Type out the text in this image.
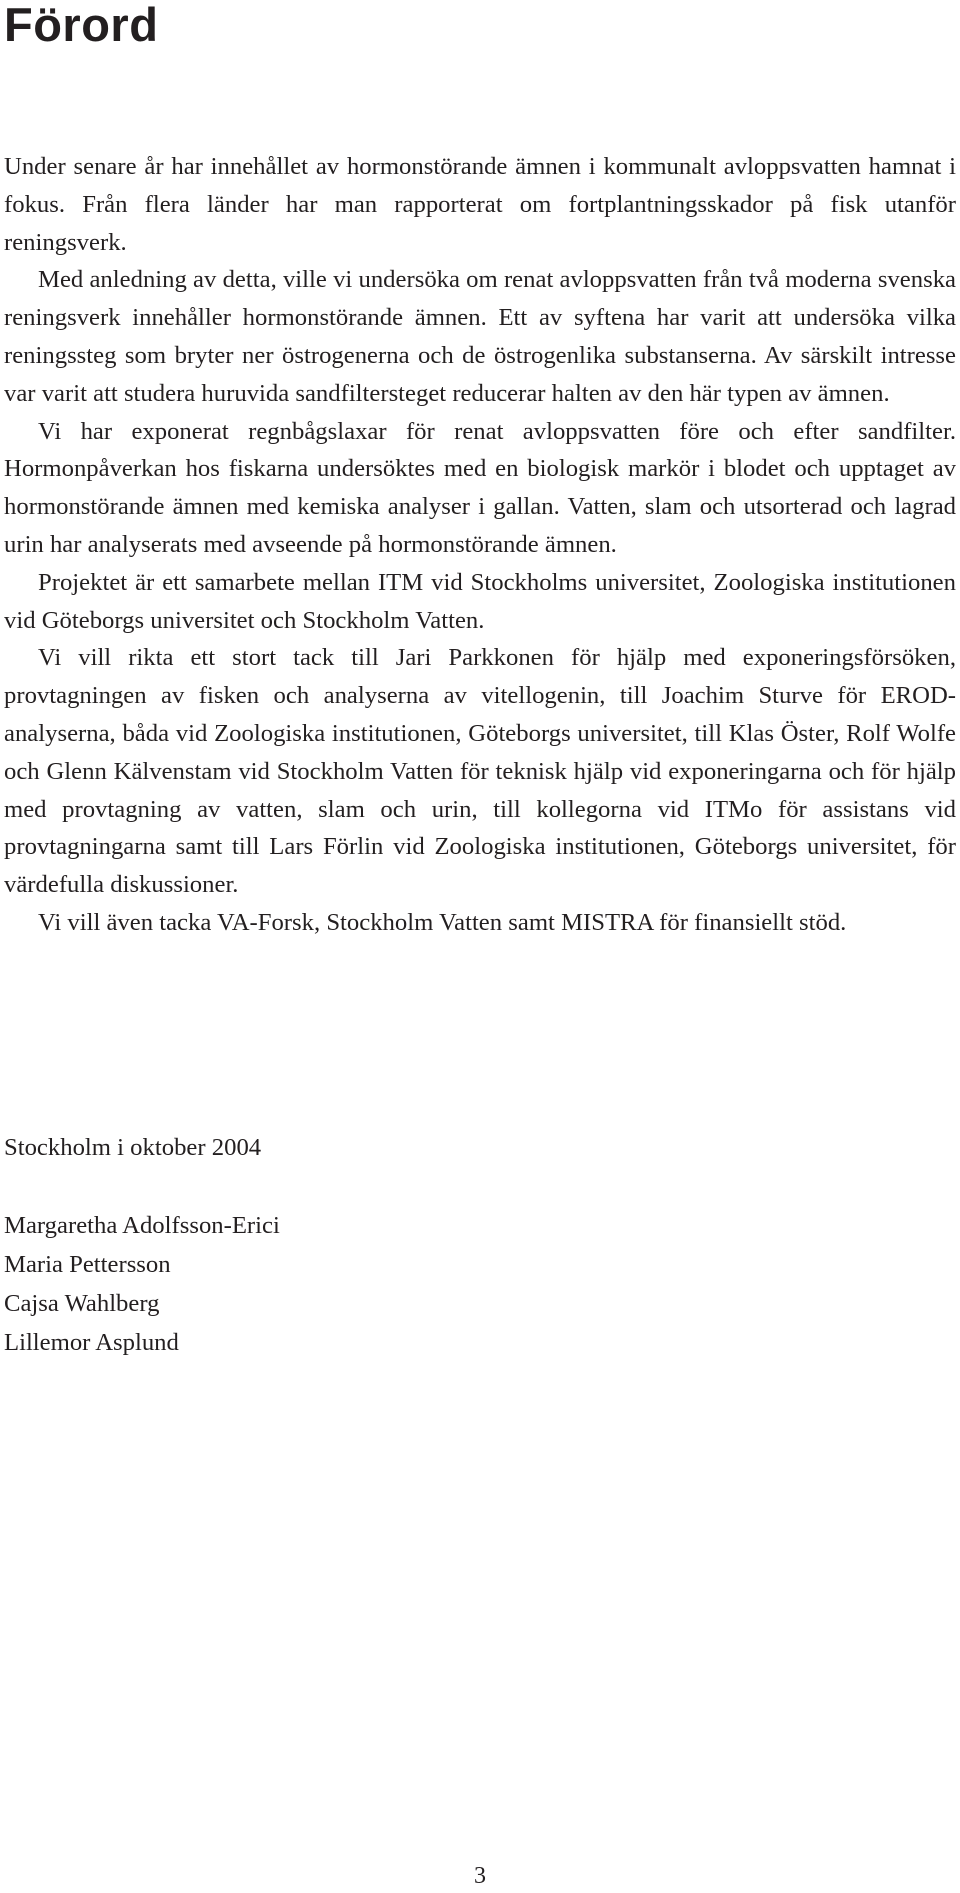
Förord

Under senare år har innehållet av hormonstörande ämnen i kommunalt avloppsvatten hamnat i fokus. Från flera länder har man rapporterat om fortplantningsskador på fisk utanför reningsverk.

Med anledning av detta, ville vi undersöka om renat avloppsvatten från två moderna svenska reningsverk innehåller hormonstörande ämnen. Ett av syftena har varit att undersöka vilka reningssteg som bryter ner östrogenerna och de östrogenlika substanserna. Av särskilt intresse var varit att studera huruvida sandfiltersteget reducerar halten av den här typen av ämnen.

Vi har exponerat regnbågslaxar för renat avloppsvatten före och efter sandfilter. Hormonpåverkan hos fiskarna undersöktes med en biologisk markör i blodet och upptaget av hormonstörande ämnen med kemiska analyser i gallan. Vatten, slam och utsorterad och lagrad urin har analyserats med avseende på hormonstörande ämnen.

Projektet är ett samarbete mellan ITM vid Stockholms universitet, Zoologiska institutionen vid Göteborgs universitet och Stockholm Vatten.

Vi vill rikta ett stort tack till Jari Parkkonen för hjälp med exponeringsförsöken, provtagningen av fisken och analyserna av vitellogenin, till Joachim Sturve för EROD-analyserna, båda vid Zoologiska institutionen, Göteborgs universitet, till Klas Öster, Rolf Wolfe och Glenn Kälvenstam vid Stockholm Vatten för teknisk hjälp vid exponeringarna och för hjälp med provtagning av vatten, slam och urin, till kollegorna vid ITMo för assistans vid provtagningarna samt till Lars Förlin vid Zoologiska institutionen, Göteborgs universitet, för värdefulla diskussioner.

Vi vill även tacka VA-Forsk, Stockholm Vatten samt MISTRA för finansiellt stöd.

Stockholm i oktober 2004
Margaretha Adolfsson-Erici
Maria Pettersson
Cajsa Wahlberg
Lillemor Asplund
3
